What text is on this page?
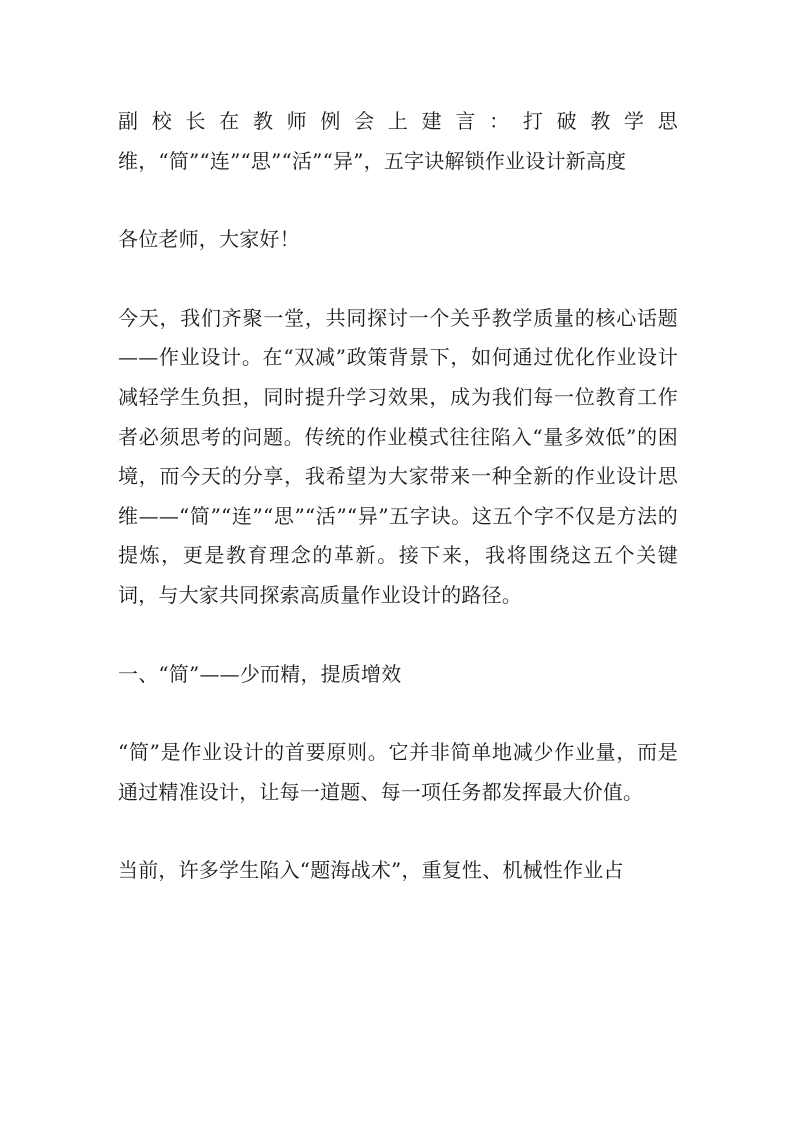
副校长在教师例会上建言：打破教学思维，“简”“连”“思”“活”“异”，五字诀解锁作业设计新高度

各位老师，大家好！

今天，我们齐聚一堂，共同探讨一个关乎教学质量的核心话题——作业设计。在“双减”政策背景下，如何通过优化作业设计减轻学生负担，同时提升学习效果，成为我们每一位教育工作者必须思考的问题。传统的作业模式往往陷入“量多效低”的困境，而今天的分享，我希望为大家带来一种全新的作业设计思维——“简”“连”“思”“活”“异”五字诀。这五个字不仅是方法的提炼，更是教育理念的革新。接下来，我将围绕这五个关键词，与大家共同探索高质量作业设计的路径。

一、“简”——少而精，提质增效

“简”是作业设计的首要原则。它并非简单地减少作业量，而是通过精准设计，让每一道题、每一项任务都发挥最大价值。

当前，许多学生陷入“题海战术”，重复性、机械性作业占
